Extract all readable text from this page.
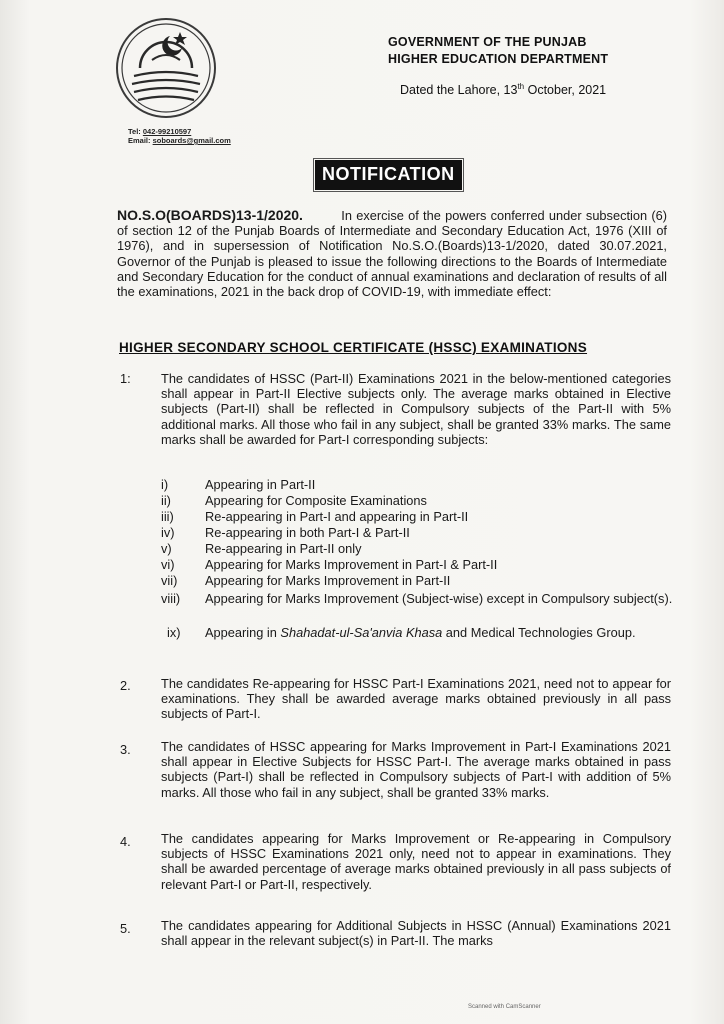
Tel: 042-99210597
Email: soboards@gmail.com
GOVERNMENT OF THE PUNJAB
HIGHER EDUCATION DEPARTMENT
Dated the Lahore, 13th October, 2021
NOTIFICATION
NO.S.O(BOARDS)13-1/2020.	In exercise of the powers conferred under subsection (6) of section 12 of the Punjab Boards of Intermediate and Secondary Education Act, 1976 (XIII of 1976), and in supersession of Notification No.S.O.(Boards)13-1/2020, dated 30.07.2021, Governor of the Punjab is pleased to issue the following directions to the Boards of Intermediate and Secondary Education for the conduct of annual examinations and declaration of results of all the examinations, 2021 in the back drop of COVID-19, with immediate effect:
HIGHER SECONDARY SCHOOL CERTIFICATE (HSSC) EXAMINATIONS
1: The candidates of HSSC (Part-II) Examinations 2021 in the below-mentioned categories shall appear in Part-II Elective subjects only. The average marks obtained in Elective subjects (Part-II) shall be reflected in Compulsory subjects of the Part-II with 5% additional marks. All those who fail in any subject, shall be granted 33% marks. The same marks shall be awarded for Part-I corresponding subjects:
i)	Appearing in Part-II
ii)	Appearing for Composite Examinations
iii)	Re-appearing in Part-I and appearing in Part-II
iv)	Re-appearing in both Part-I & Part-II
v)	Re-appearing in Part-II only
vi)	Appearing for Marks Improvement in Part-I & Part-II
vii)	Appearing for Marks Improvement in Part-II
viii)	Appearing for Marks Improvement (Subject-wise) except in Compulsory subject(s).
ix)	Appearing in Shahadat-ul-Sa'anvia Khasa and Medical Technologies Group.
2. The candidates Re-appearing for HSSC Part-I Examinations 2021, need not to appear for examinations. They shall be awarded average marks obtained previously in all pass subjects of Part-I.
3. The candidates of HSSC appearing for Marks Improvement in Part-I Examinations 2021 shall appear in Elective Subjects for HSSC Part-I. The average marks obtained in pass subjects (Part-I) shall be reflected in Compulsory subjects of Part-I with addition of 5% marks. All those who fail in any subject, shall be granted 33% marks.
4. The candidates appearing for Marks Improvement or Re-appearing in Compulsory subjects of HSSC Examinations 2021 only, need not to appear in examinations. They shall be awarded percentage of average marks obtained previously in all pass subjects of relevant Part-I or Part-II, respectively.
5. The candidates appearing for Additional Subjects in HSSC (Annual) Examinations 2021 shall appear in the relevant subject(s) in Part-II. The marks
Scanned with CamScanner
